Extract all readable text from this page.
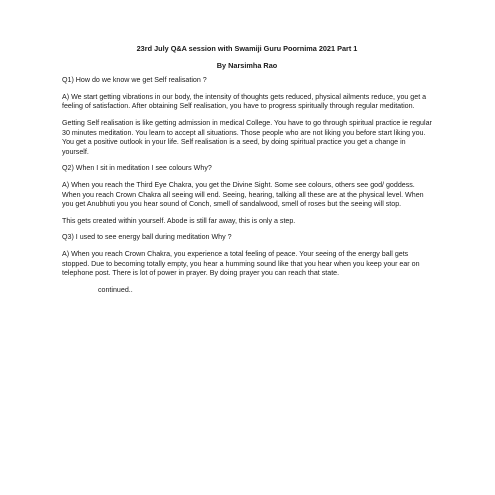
23rd July Q&A session with Swamiji Guru Poornima 2021 Part 1
By Narsimha Rao

Q1) How do we know we get Self realisation ?

A) We start getting vibrations in our body, the intensity of thoughts gets reduced, physical ailments reduce, you get a feeling of satisfaction. After obtaining Self realisation, you have to progress spiritually through regular meditation.

Getting Self realisation is like getting admission in medical College. You have to go through spiritual practice ie regular 30 minutes meditation. You learn to accept all situations. Those people who are not liking you before start liking you. You get a positive outlook in your life. Self realisation is a seed, by doing spiritual practice you get a change in yourself.

Q2) When I sit in meditation I see colours Why?

A) When you reach the Third Eye Chakra, you get the Divine Sight. Some see colours, others see god/ goddess. When you reach Crown Chakra all seeing will end. Seeing, hearing, talking all these are at the physical level. When you get Anubhuti you you hear sound of Conch, smell of sandalwood, smell of roses but the seeing will stop.

This gets created within yourself. Abode is still far away, this is only a step.

Q3) I used to see energy ball during meditation Why ?

A) When you reach Crown Chakra, you experience a total feeling of peace. Your seeing of the energy ball gets stopped. Due to becoming totally empty, you hear a humming sound like that you hear when you keep your ear on telephone post. There is lot of power in prayer. By doing prayer you can reach that state.

continued..
